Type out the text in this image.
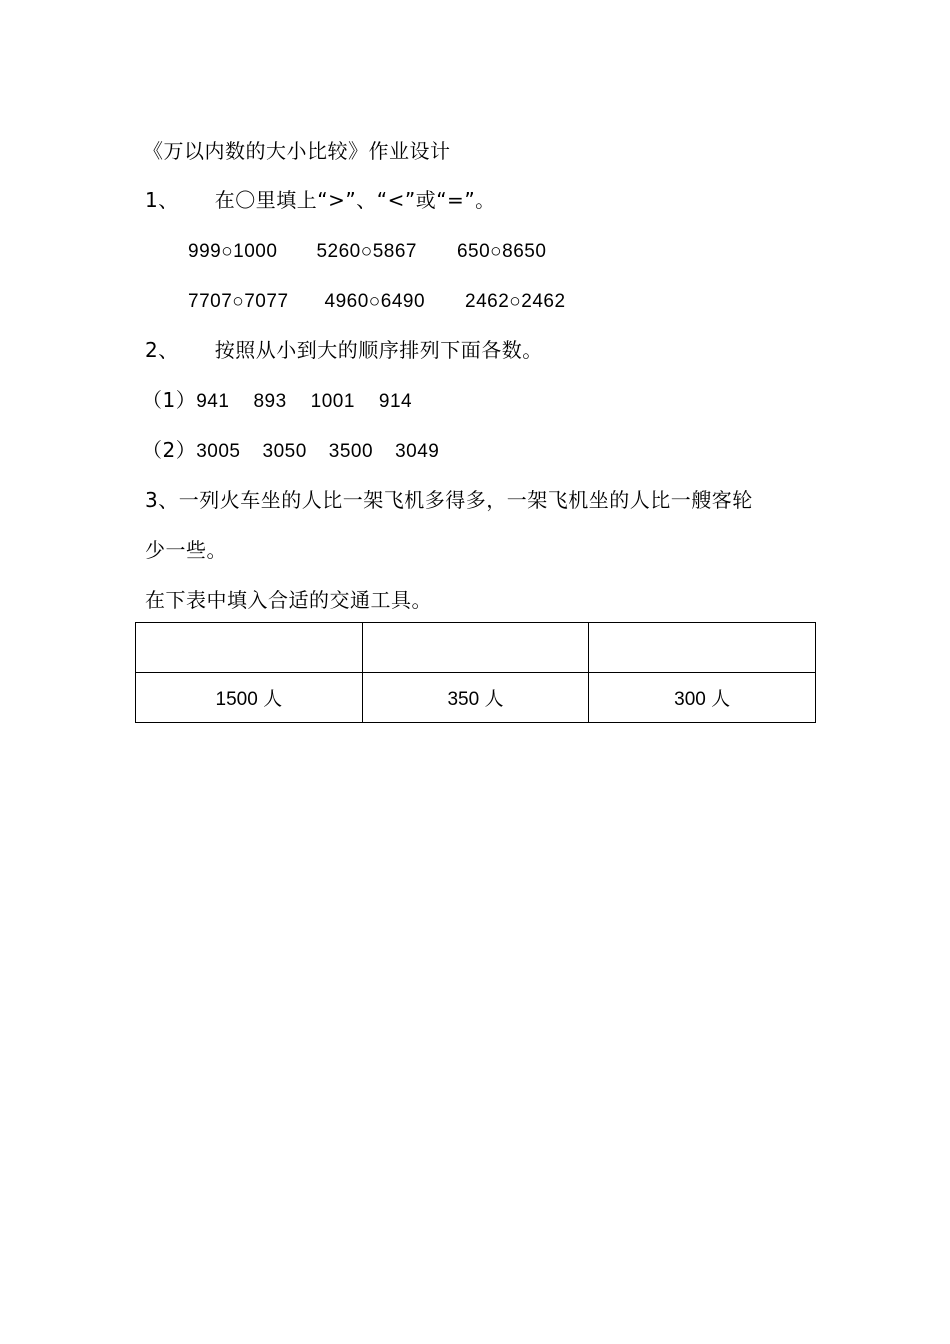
《万以内数的大小比较》作业设计
1、 在〇里填上“>”、“<”或“=”。
999○1000 5260○5867 650○8650
7707○7077 4960○6490 2462○2462
2、 按照从小到大的顺序排列下面各数。
（1）941 893 1001 914
（2）3005 3050 3500 3049
3、一列火车坐的人比一架飞机多得多，一架飞机坐的人比一艘客轮
少一些。
在下表中填入合适的交通工具。

1500 人	350 人	300 人
